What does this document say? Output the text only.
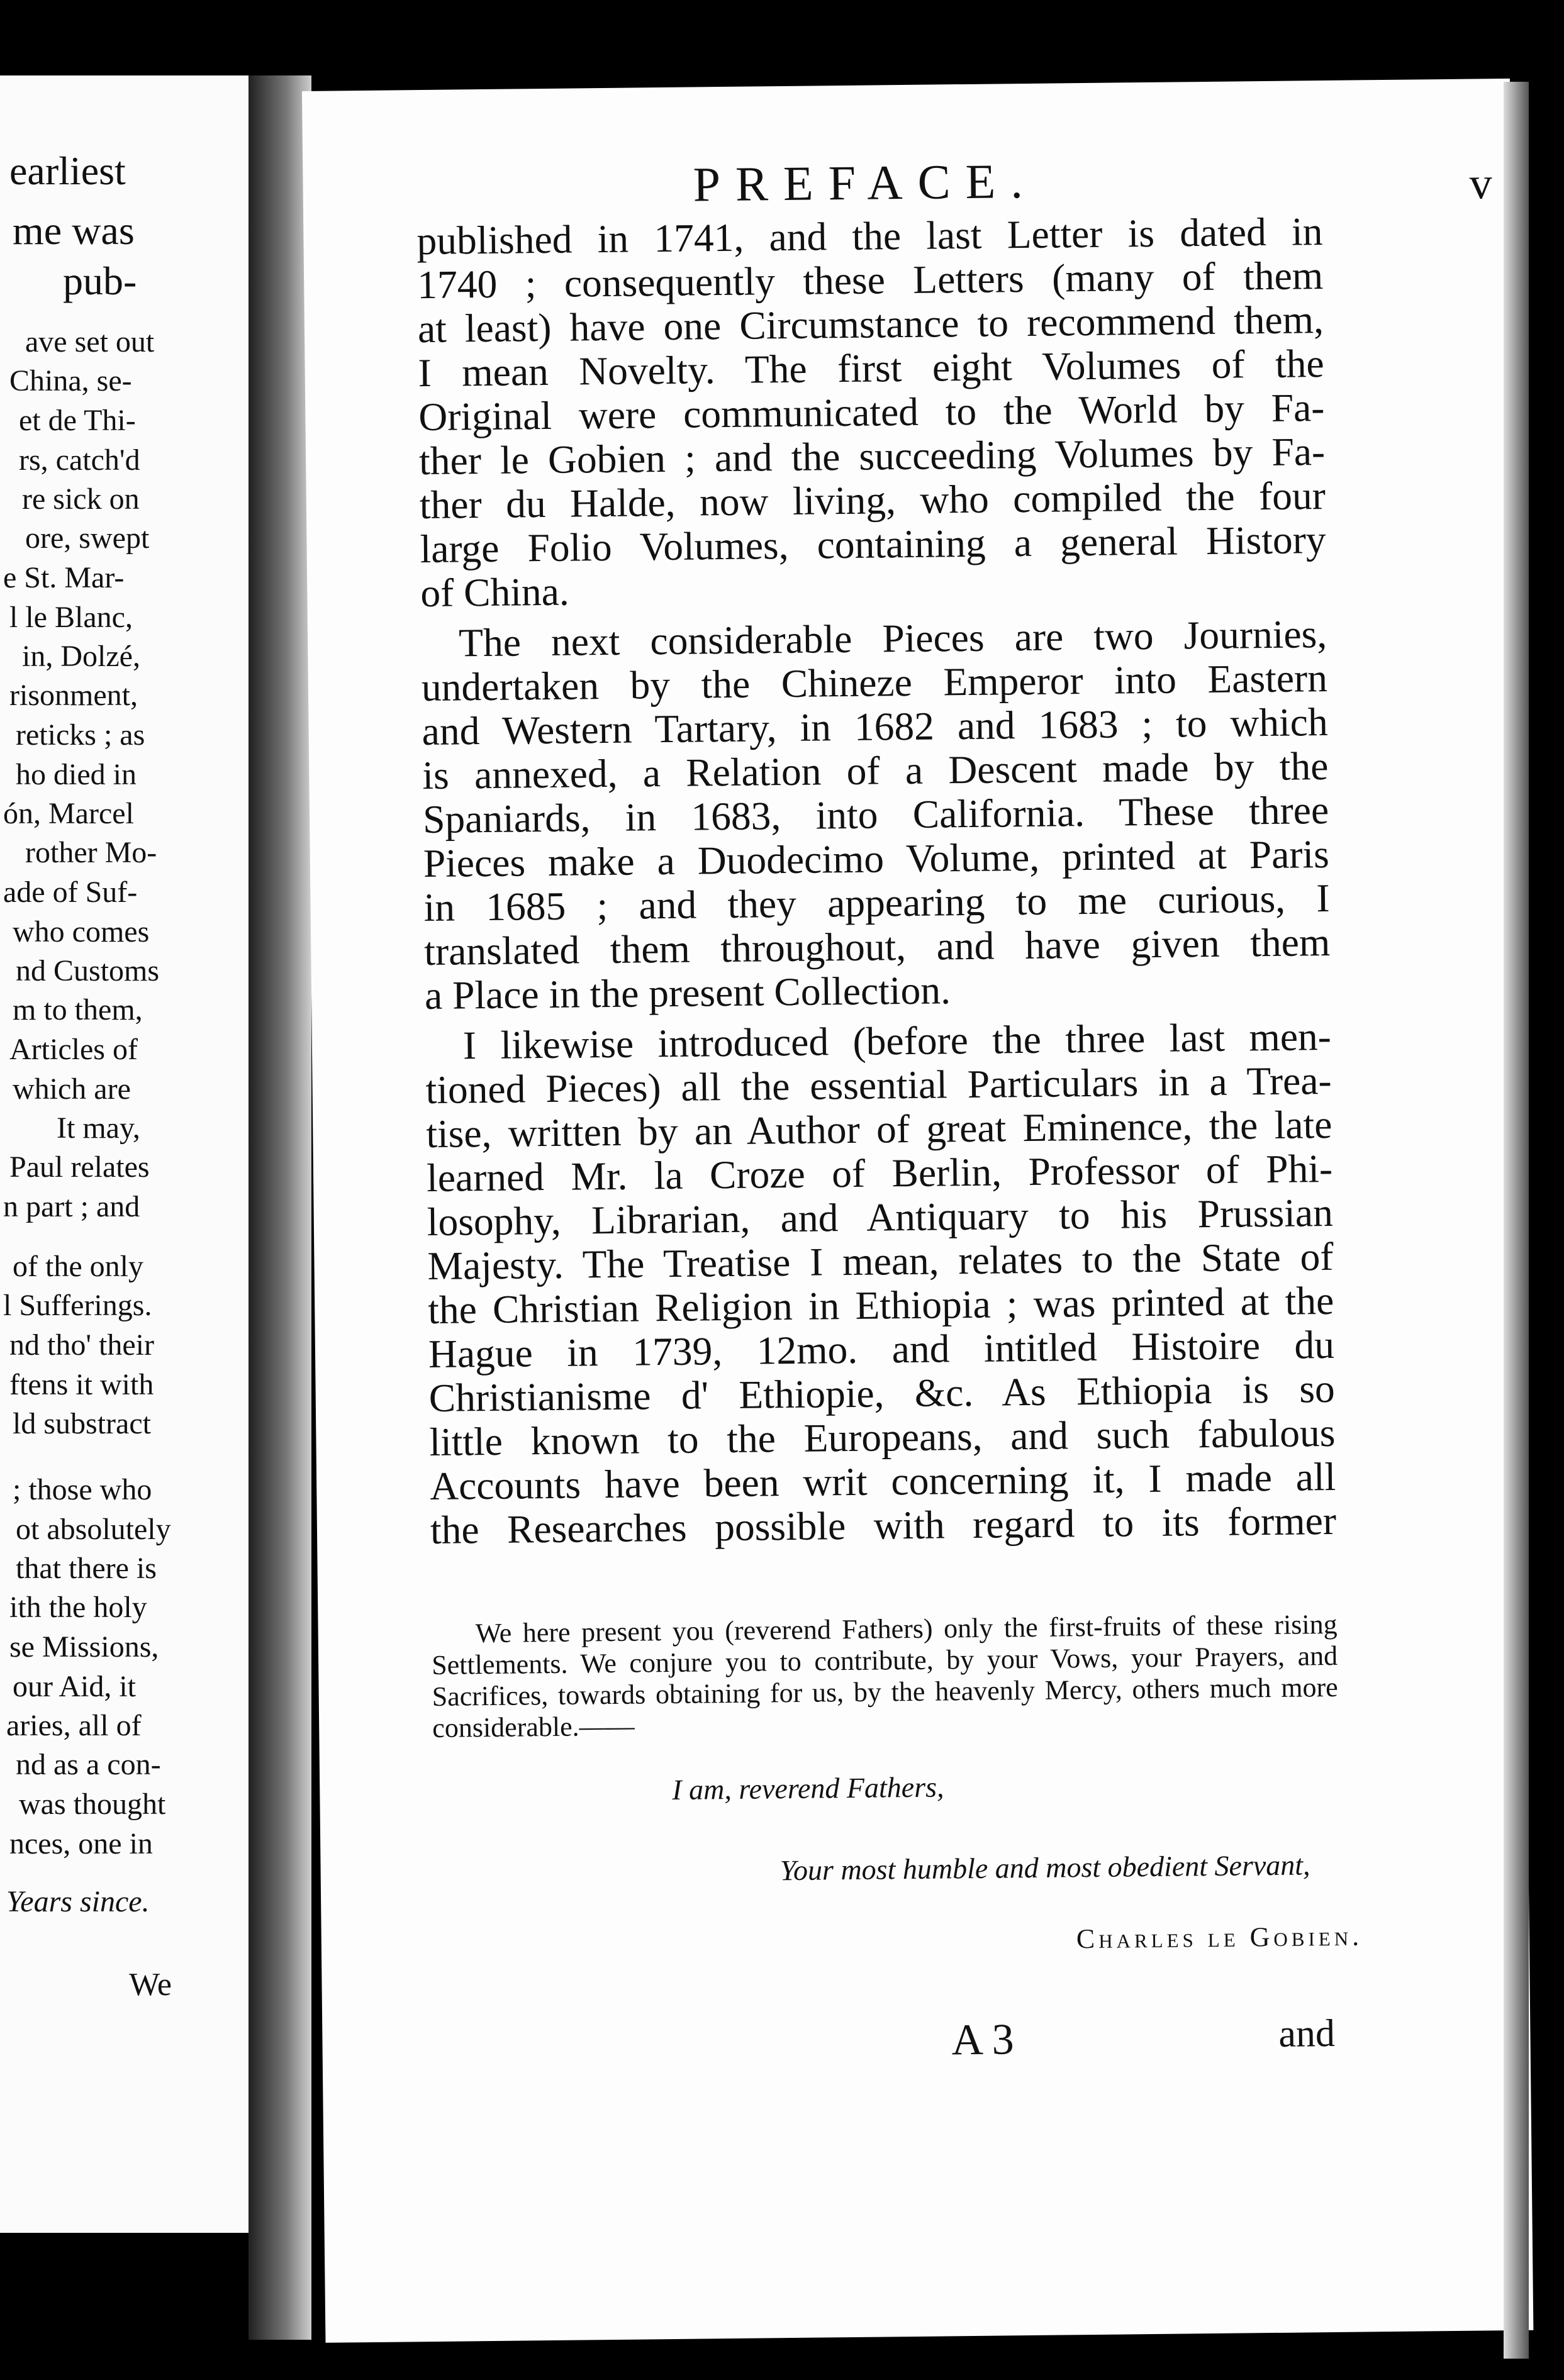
earliest
me was
pub-
ave set out
China, se-
et de Thi-
rs, catch'd
re sick on
ore, swept
e St. Mar-
l le Blanc,
in, Dolzé,
risonment,
reticks ; as
ho died in
ón, Marcel
rother Mo-
ade of Suf-
who comes
nd Customs
m to them,
Articles of
which are
It may,
Paul relates
n part ; and
of the only
l Sufferings.
nd tho' their
ftens it with
ld substract
; those who
ot absolutely
that there is
ith the holy
se Missions,
our Aid, it
aries, all of
nd as a con-
was thought
nces, one in
Years since.
We
PREFACE.	v

published in 1741, and the last Letter is dated in

1740 ; consequently these Letters (many of them

at least) have one Circumstance to recommend them,

I mean Novelty. The first eight Volumes of the

Original were communicated to the World by Fa-

ther le Gobien ; and the succeeding Volumes by Fa-

ther du Halde, now living, who compiled the four

large Folio Volumes, containing a general History

of China.

The next considerable Pieces are two Journies,

undertaken by the Chineze Emperor into Eastern

and Western Tartary, in 1682 and 1683 ; to which

is annexed, a Relation of a Descent made by the

Spaniards, in 1683, into California. These three

Pieces make a Duodecimo Volume, printed at Paris

in 1685 ; and they appearing to me curious, I

translated them throughout, and have given them

a Place in the present Collection.

I likewise introduced (before the three last men-

tioned Pieces) all the essential Particulars in a Trea-

tise, written by an Author of great Eminence, the late

learned Mr. la Croze of Berlin, Professor of Phi-

losophy, Librarian, and Antiquary to his Prussian

Majesty. The Treatise I mean, relates to the State of

the Christian Religion in Ethiopia ; was printed at the

Hague in 1739, 12mo. and intitled Histoire du

Christianisme d' Ethiopie, &c. As Ethiopia is so

little known to the Europeans, and such fabulous

Accounts have been writ concerning it, I made all

the Researches possible with regard to its former

We here present you (reverend Fathers) only the first-fruits of these rising Settlements. We conjure you to contribute, by your Vows, your Prayers, and Sacrifices, towards obtaining for us, by the heavenly Mercy, others much more considerable.——

I am, reverend Fathers,
Your most humble and most obedient Servant,
Charles le Gobien.
A 3	and
